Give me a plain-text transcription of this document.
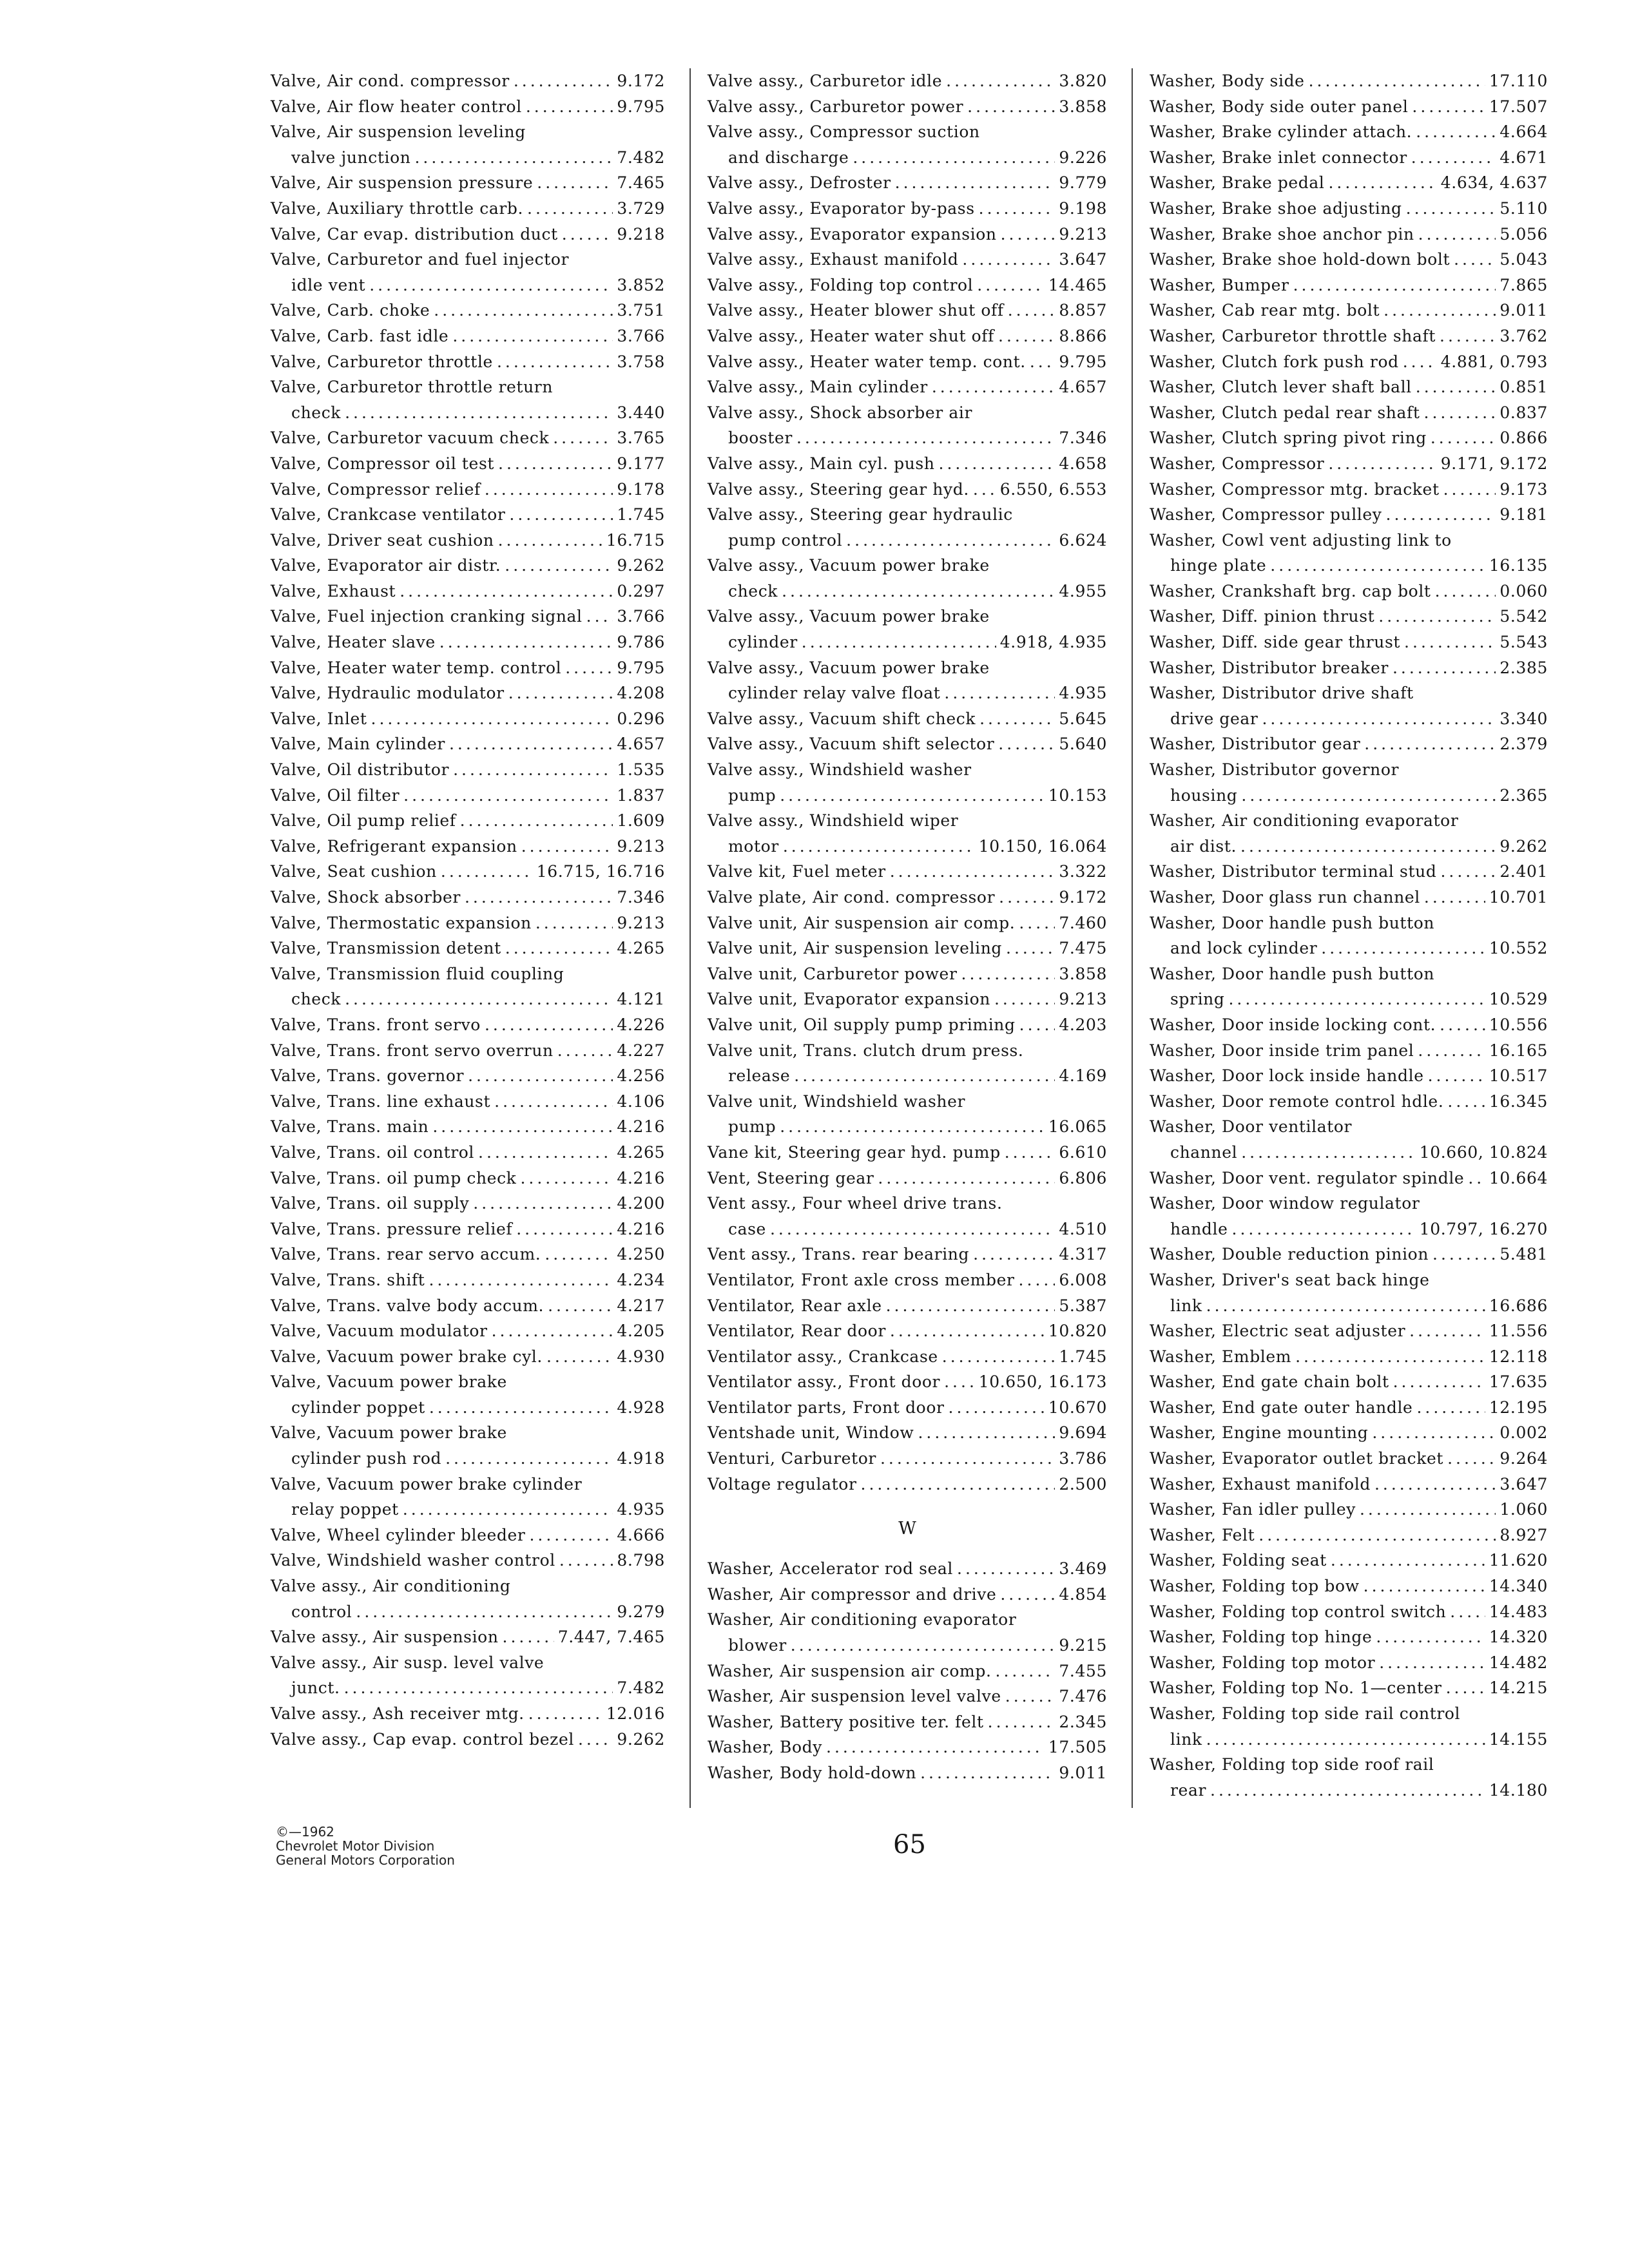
Valve, Air cond. compressor .....	9.172
Valve, Air flow heater control .....	9.795
Valve, Air suspension leveling
valve junction .....	7.482
Valve, Air suspension pressure .....	7.465
Valve, Auxiliary throttle carb. .....	3.729
Valve, Car evap. distribution duct .....	9.218
Valve, Carburetor and fuel injector
idle vent .....	3.852
Valve, Carb. choke .....	3.751
Valve, Carb. fast idle .....	3.766
Valve, Carburetor throttle .....	3.758
Valve, Carburetor throttle return
check .....	3.440
Valve, Carburetor vacuum check .....	3.765
Valve, Compressor oil test .....	9.177
Valve, Compressor relief .....	9.178
Valve, Crankcase ventilator .....	1.745
Valve, Driver seat cushion .....	16.715
Valve, Evaporator air distr. .....	9.262
Valve, Exhaust .....	0.297
Valve, Fuel injection cranking signal ..... 3.766
Valve, Heater slave .....	9.786
Valve, Heater water temp. control .....	9.795
Valve, Hydraulic modulator .....	4.208
Valve, Inlet .....	0.296
Valve, Main cylinder .....	4.657
Valve, Oil distributor .....	1.535
Valve, Oil filter .....	1.837
Valve, Oil pump relief .....	1.609
Valve, Refrigerant expansion .....	9.213
Valve, Seat cushion .....	16.715, 16.716
Valve, Shock absorber .....	7.346
Valve, Thermostatic expansion .....	9.213
Valve, Transmission detent .....	4.265
Valve, Transmission fluid coupling
check .....	4.121
Valve, Trans. front servo .....	4.226
Valve, Trans. front servo overrun .....	4.227
Valve, Trans. governor .....	4.256
Valve, Trans. line exhaust .....	4.106
Valve, Trans. main .....	4.216
Valve, Trans. oil control .....	4.265
Valve, Trans. oil pump check .....	4.216
Valve, Trans. oil supply .....	4.200
Valve, Trans. pressure relief .....	4.216
Valve, Trans. rear servo accum. .....	4.250
Valve, Trans. shift .....	4.234
Valve, Trans. valve body accum. .....	4.217
Valve, Vacuum modulator .....	4.205
Valve, Vacuum power brake cyl. .....	4.930
Valve, Vacuum power brake
cylinder poppet .....	4.928
Valve, Vacuum power brake
cylinder push rod .....	4.918
Valve, Vacuum power brake cylinder
relay poppet .....	4.935
Valve, Wheel cylinder bleeder .....	4.666
Valve, Windshield washer control .....	8.798
Valve assy., Air conditioning
control .....	9.279
Valve assy., Air suspension .....	7.447, 7.465
Valve assy., Air susp. level valve
junct. .....	7.482
Valve assy., Ash receiver mtg. .....	12.016
Valve assy., Cap evap. control bezel .....	9.262
Valve assy., Carburetor idle .....	3.820
Valve assy., Carburetor power .....	3.858
Valve assy., Compressor suction
and discharge .....	9.226
Valve assy., Defroster .....	9.779
Valve assy., Evaporator by-pass .....	9.198
Valve assy., Evaporator expansion .....	9.213
Valve assy., Exhaust manifold .....	3.647
Valve assy., Folding top control .....	14.465
Valve assy., Heater blower shut off .....	8.857
Valve assy., Heater water shut off .....	8.866
Valve assy., Heater water temp. cont. ..... 9.795
Valve assy., Main cylinder .....	4.657
Valve assy., Shock absorber air
booster .....	7.346
Valve assy., Main cyl. push .....	4.658
Valve assy., Steering gear hyd. ..... 6.550, 6.553
Valve assy., Steering gear hydraulic
pump control .....	6.624
Valve assy., Vacuum power brake
check .....	4.955
Valve assy., Vacuum power brake
cylinder .....	4.918, 4.935
Valve assy., Vacuum power brake
cylinder relay valve float .....	4.935
Valve assy., Vacuum shift check .....	5.645
Valve assy., Vacuum shift selector .....	5.640
Valve assy., Windshield washer
pump .....	10.153
Valve assy., Windshield wiper
motor .....	10.150, 16.064
Valve kit, Fuel meter .....	3.322
Valve plate, Air cond. compressor .....	9.172
Valve unit, Air suspension air comp. .....	7.460
Valve unit, Air suspension leveling .....	7.475
Valve unit, Carburetor power .....	3.858
Valve unit, Evaporator expansion .....	9.213
Valve unit, Oil supply pump priming .....	4.203
Valve unit, Trans. clutch drum press.
release .....	4.169
Valve unit, Windshield washer
pump .....	16.065
Vane kit, Steering gear hyd. pump .....	6.610
Vent, Steering gear .....	6.806
Vent assy., Four wheel drive trans.
case .....	4.510
Vent assy., Trans. rear bearing .....	4.317
Ventilator, Front axle cross member .....	6.008
Ventilator, Rear axle .....	5.387
Ventilator, Rear door .....	10.820
Ventilator assy., Crankcase .....	1.745
Ventilator assy., Front door ..... 10.650, 16.173
Ventilator parts, Front door .....	10.670
Ventshade unit, Window .....	9.694
Venturi, Carburetor .....	3.786
Voltage regulator .....	2.500
W
Washer, Accelerator rod seal .....	3.469
Washer, Air compressor and drive .....	4.854
Washer, Air conditioning evaporator
blower .....	9.215
Washer, Air suspension air comp. .....	7.455
Washer, Air suspension level valve .....	7.476
Washer, Battery positive ter. felt .....	2.345
Washer, Body .....	17.505
Washer, Body hold-down .....	9.011
Washer, Body side .....	17.110
Washer, Body side outer panel .....	17.507
Washer, Brake cylinder attach. .....	4.664
Washer, Brake inlet connector .....	4.671
Washer, Brake pedal .....	4.634, 4.637
Washer, Brake shoe adjusting .....	5.110
Washer, Brake shoe anchor pin .....	5.056
Washer, Brake shoe hold-down bolt .....	5.043
Washer, Bumper .....	7.865
Washer, Cab rear mtg. bolt .....	9.011
Washer, Carburetor throttle shaft .....	3.762
Washer, Clutch fork push rod .....	4.881, 0.793
Washer, Clutch lever shaft ball .....	0.851
Washer, Clutch pedal rear shaft .....	0.837
Washer, Clutch spring pivot ring .....	0.866
Washer, Compressor .....	9.171, 9.172
Washer, Compressor mtg. bracket .....	9.173
Washer, Compressor pulley .....	9.181
Washer, Cowl vent adjusting link to
hinge plate .....	16.135
Washer, Crankshaft brg. cap bolt .....	0.060
Washer, Diff. pinion thrust .....	5.542
Washer, Diff. side gear thrust .....	5.543
Washer, Distributor breaker .....	2.385
Washer, Distributor drive shaft
drive gear .....	3.340
Washer, Distributor gear .....	2.379
Washer, Distributor governor
housing .....	2.365
Washer, Air conditioning evaporator
air dist. .....	9.262
Washer, Distributor terminal stud .....	2.401
Washer, Door glass run channel .....	10.701
Washer, Door handle push button
and lock cylinder .....	10.552
Washer, Door handle push button
spring .....	10.529
Washer, Door inside locking cont. .....	10.556
Washer, Door inside trim panel .....	16.165
Washer, Door lock inside handle .....	10.517
Washer, Door remote control hdle. .....	16.345
Washer, Door ventilator
channel .....	10.660, 10.824
Washer, Door vent. regulator spindle ..... 10.664
Washer, Door window regulator
handle .....	10.797, 16.270
Washer, Double reduction pinion .....	5.481
Washer, Driver's seat back hinge
link .....	16.686
Washer, Electric seat adjuster .....	11.556
Washer, Emblem .....	12.118
Washer, End gate chain bolt .....	17.635
Washer, End gate outer handle .....	12.195
Washer, Engine mounting .....	0.002
Washer, Evaporator outlet bracket .....	9.264
Washer, Exhaust manifold .....	3.647
Washer, Fan idler pulley .....	1.060
Washer, Felt .....	8.927
Washer, Folding seat .....	11.620
Washer, Folding top bow .....	14.340
Washer, Folding top control switch .....	14.483
Washer, Folding top hinge .....	14.320
Washer, Folding top motor .....	14.482
Washer, Folding top No. 1—center .....	14.215
Washer, Folding top side rail control
link .....	14.155
Washer, Folding top side roof rail
rear .....	14.180
©—1962
Chevrolet Motor Division
General Motors Corporation
65
